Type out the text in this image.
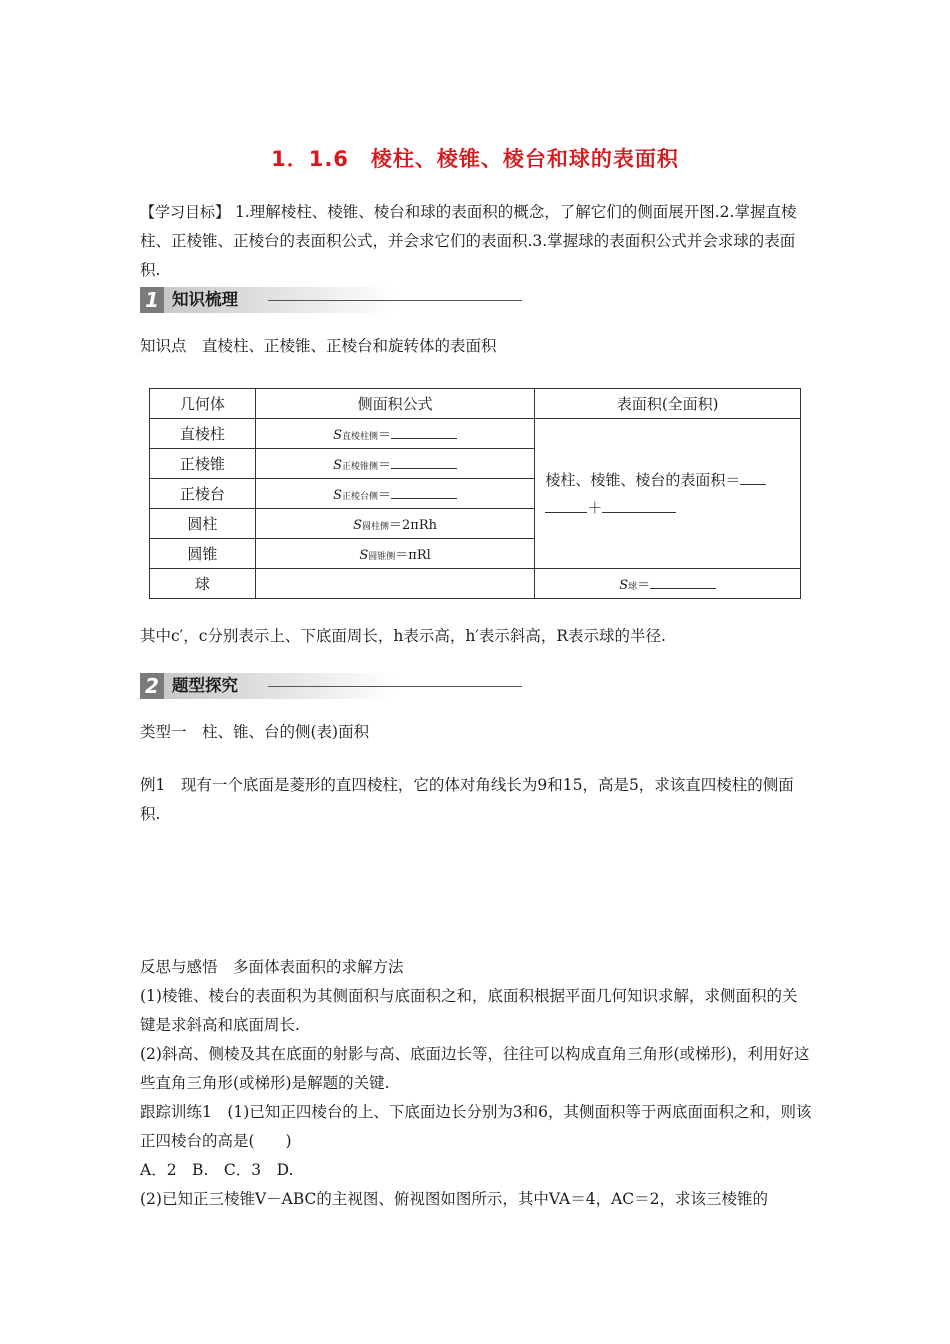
1．1.6　棱柱、棱锥、棱台和球的表面积
【学习目标】 1.理解棱柱、棱锥、棱台和球的表面积的概念，了解它们的侧面展开图.2.掌握直棱柱、正棱锥、正棱台的表面积公式，并会求它们的表面积.3.掌握球的表面积公式并会求球的表面积.
1 知识梳理
知识点　直棱柱、正棱锥、正棱台和旋转体的表面积
几何体	侧面积公式	表面积(全面积)
直棱柱	S直棱柱侧＝	棱柱、棱锥、棱台的表面积＝
＋
正棱锥	S正棱锥侧＝	
正棱台	S正棱台侧＝	
圆柱	S圆柱侧＝2πRh	
圆锥	S圆锥侧＝πRl	
球		S球＝
其中c′，c分别表示上、下底面周长，h表示高，h′表示斜高，R表示球的半径.
2 题型探究
类型一　柱、锥、台的侧(表)面积
例1　现有一个底面是菱形的直四棱柱，它的体对角线长为9和15，高是5，求该直四棱柱的侧面积.
反思与感悟　多面体表面积的求解方法
(1)棱锥、棱台的表面积为其侧面积与底面积之和，底面积根据平面几何知识求解，求侧面积的关键是求斜高和底面周长.
(2)斜高、侧棱及其在底面的射影与高、底面边长等，往往可以构成直角三角形(或梯形)，利用好这些直角三角形(或梯形)是解题的关键.
跟踪训练1　(1)已知正四棱台的上、下底面边长分别为3和6，其侧面积等于两底面面积之和，则该正四棱台的高是(　　)
A．2　B.　C．3　D.
(2)已知正三棱锥V－ABC的主视图、俯视图如图所示，其中VA＝4，AC＝2，求该三棱锥的
